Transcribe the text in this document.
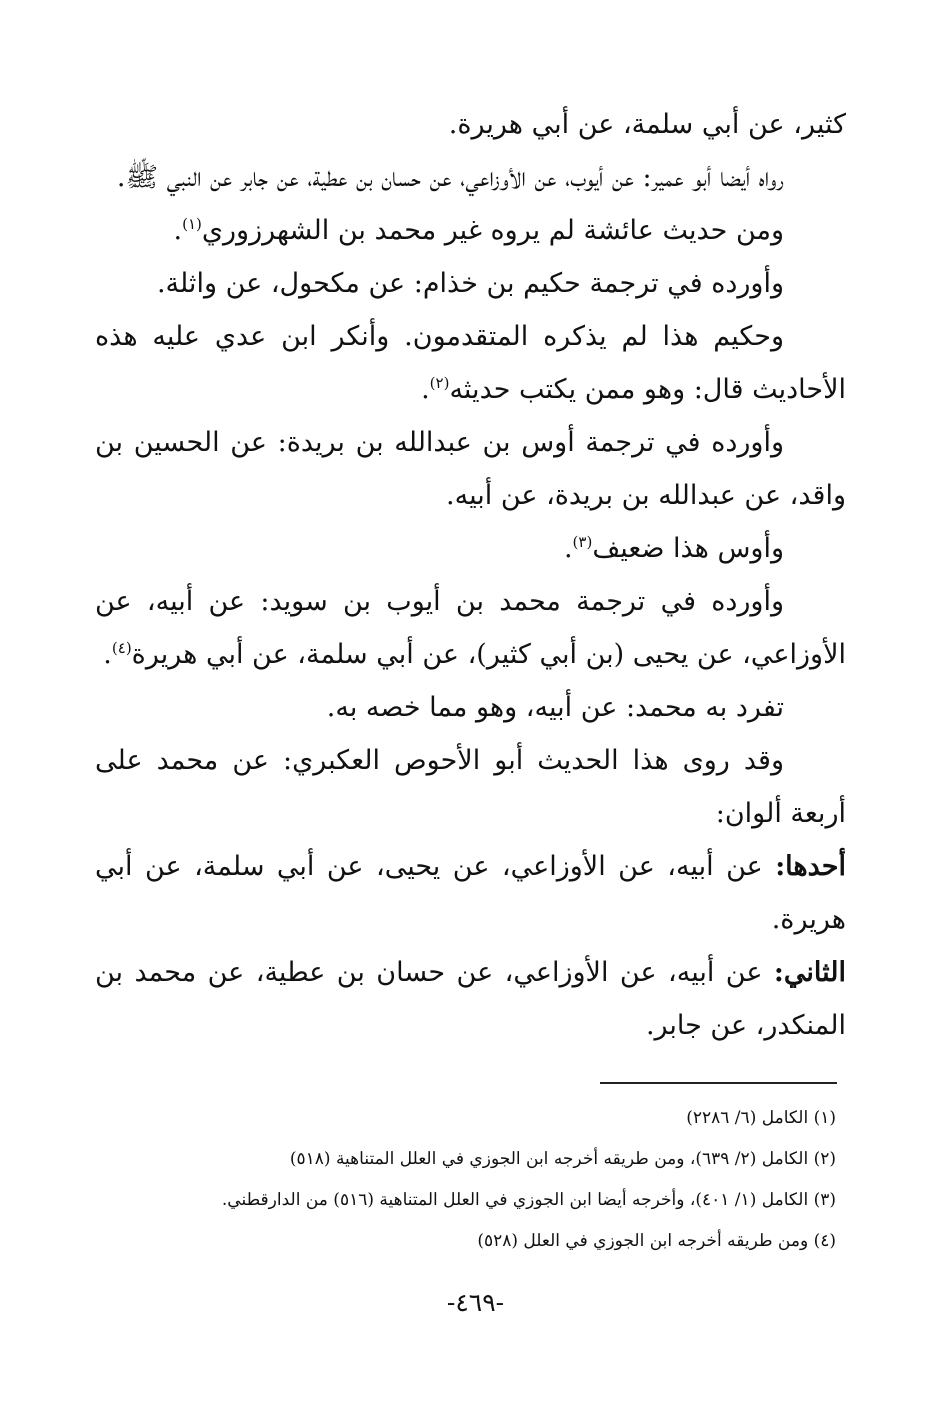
كثير، عن أبي سلمة، عن أبي هريرة.

رواه أيضا أبو عمير: عن أيوب، عن الأوزاعي، عن حسان بن عطية، عن جابر عن النبي ﷺ.

ومن حديث عائشة لم يروه غير محمد بن الشهرزوري$^{(١)}$.

وأورده في ترجمة حكيم بن خذام: عن مكحول، عن واثلة.

وحكيم هذا لم يذكره المتقدمون. وأنكر ابن عدي عليه هذه الأحاديث قال: وهو ممن يكتب حديثه$^{(٢)}$.

وأورده في ترجمة أوس بن عبدالله بن بريدة: عن الحسين بن واقد، عن عبدالله بن بريدة، عن أبيه.

وأوس هذا ضعيف$^{(٣)}$.

وأورده في ترجمة محمد بن أيوب بن سويد: عن أبيه، عن الأوزاعي، عن يحيى (بن أبي كثير)، عن أبي سلمة، عن أبي هريرة$^{(٤)}$.

تفرد به محمد: عن أبيه، وهو مما خصه به.

وقد روى هذا الحديث أبو الأحوص العكبري: عن محمد على أربعة ألوان:

أحدها: عن أبيه، عن الأوزاعي، عن يحيى، عن أبي سلمة، عن أبي هريرة.

الثاني: عن أبيه، عن الأوزاعي، عن حسان بن عطية، عن محمد بن المنكدر، عن جابر.

(١) الكامل (٦/ ٢٢٨٦)

(٢) الكامل (٢/ ٦٣٩)، ومن طريقه أخرجه ابن الجوزي في العلل المتناهية (٥١٨)

(٣) الكامل (١/ ٤٠١)، وأخرجه أيضا ابن الجوزي في العلل المتناهية (٥١٦) من الدارقطني.

(٤) ومن طريقه أخرجه ابن الجوزي في العلل (٥٢٨)

-٤٦٩-
